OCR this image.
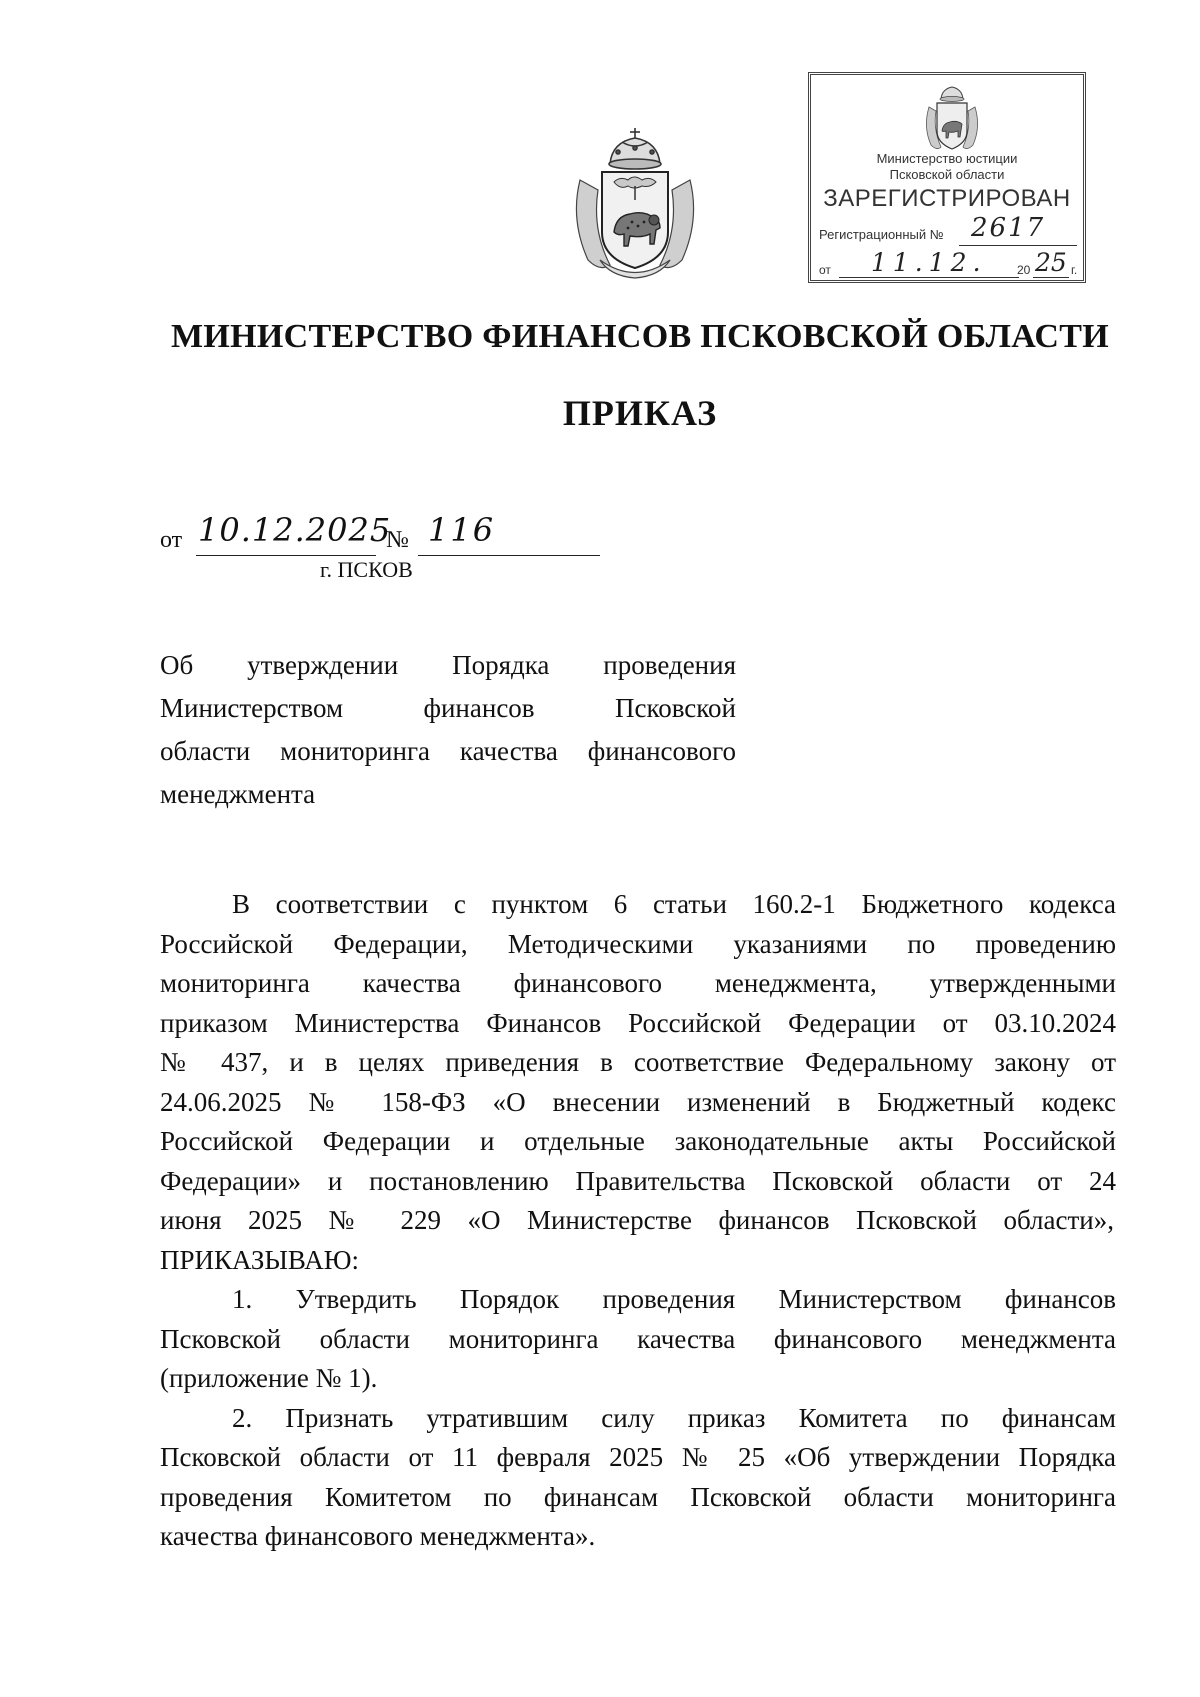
Министерство юстиции
Псковской области
ЗАРЕГИСТРИРОВАН
Регистрационный № 2617
от 11.12.	20 25 г.
МИНИСТЕРСТВО ФИНАНСОВ ПСКОВСКОЙ ОБЛАСТИ
ПРИКАЗ
от 10.12.2025
№ 116
г. ПСКОВ
Об утверждении Порядка проведения
Министерством финансов Псковской
области мониторинга качества финансового
менеджмента
В соответствии с пунктом 6 статьи 160.2-1 Бюджетного кодекса
Российской Федерации, Методическими указаниями по проведению
мониторинга качества финансового менеджмента, утвержденными
приказом Министерства Финансов Российской Федерации от 03.10.2024
№ 437, и в целях приведения в соответствие Федеральному закону от
24.06.2025 № 158-ФЗ «О внесении изменений в Бюджетный кодекс
Российской Федерации и отдельные законодательные акты Российской
Федерации» и постановлению Правительства Псковской области от 24
июня 2025 № 229 «О Министерстве финансов Псковской области»,
ПРИКАЗЫВАЮ:
1. Утвердить Порядок проведения Министерством финансов
Псковской области мониторинга качества финансового менеджмента
(приложение № 1).
2. Признать утратившим силу приказ Комитета по финансам
Псковской области от 11 февраля 2025 № 25 «Об утверждении Порядка
проведения Комитетом по финансам Псковской области мониторинга
качества финансового менеджмента».
